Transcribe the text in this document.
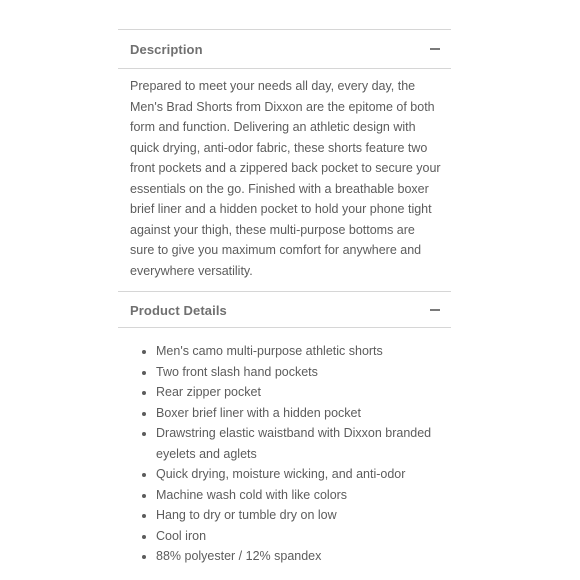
Description

Prepared to meet your needs all day, every day, the Men's Brad Shorts from Dixxon are the epitome of both form and function. Delivering an athletic design with quick drying, anti-odor fabric, these shorts feature two front pockets and a zippered back pocket to secure your essentials on the go. Finished with a breathable boxer brief liner and a hidden pocket to hold your phone tight against your thigh, these multi-purpose bottoms are sure to give you maximum comfort for anywhere and everywhere versatility.

Product Details
• Men's camo multi-purpose athletic shorts
• Two front slash hand pockets
• Rear zipper pocket
• Boxer brief liner with a hidden pocket
• Drawstring elastic waistband with Dixxon branded eyelets and aglets
• Quick drying, moisture wicking, and anti-odor
• Machine wash cold with like colors
• Hang to dry or tumble dry on low
• Cool iron
• 88% polyester / 12% spandex
